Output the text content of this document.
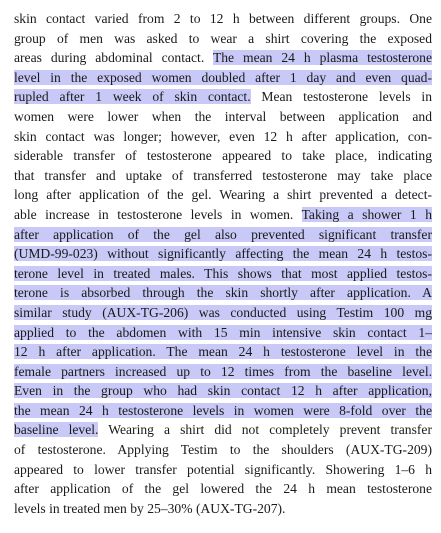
skin contact varied from 2 to 12 h between different groups. One
group of men was asked to wear a shirt covering the exposed
areas during abdominal contact. The mean 24 h plasma testosterone
level in the exposed women doubled after 1 day and even quad-
rupled after 1 week of skin contact. Mean testosterone levels in
women were lower when the interval between application and
skin contact was longer; however, even 12 h after application, con-
siderable transfer of testosterone appeared to take place, indicating
that transfer and uptake of transferred testosterone may take place
long after application of the gel. Wearing a shirt prevented a detect-
able increase in testosterone levels in women. Taking a shower 1 h
after application of the gel also prevented significant transfer
(UMD-99-023) without significantly affecting the mean 24 h testos-
terone level in treated males. This shows that most applied testos-
terone is absorbed through the skin shortly after application. A
similar study (AUX-TG-206) was conducted using Testim 100 mg
applied to the abdomen with 15 min intensive skin contact 1–
12 h after application. The mean 24 h testosterone level in the
female partners increased up to 12 times from the baseline level.
Even in the group who had skin contact 12 h after application,
the mean 24 h testosterone levels in women were 8-fold over the
baseline level. Wearing a shirt did not completely prevent transfer
of testosterone. Applying Testim to the shoulders (AUX-TG-209)
appeared to lower transfer potential significantly. Showering 1–6 h
after application of the gel lowered the 24 h mean testosterone
levels in treated men by 25–30% (AUX-TG-207).
